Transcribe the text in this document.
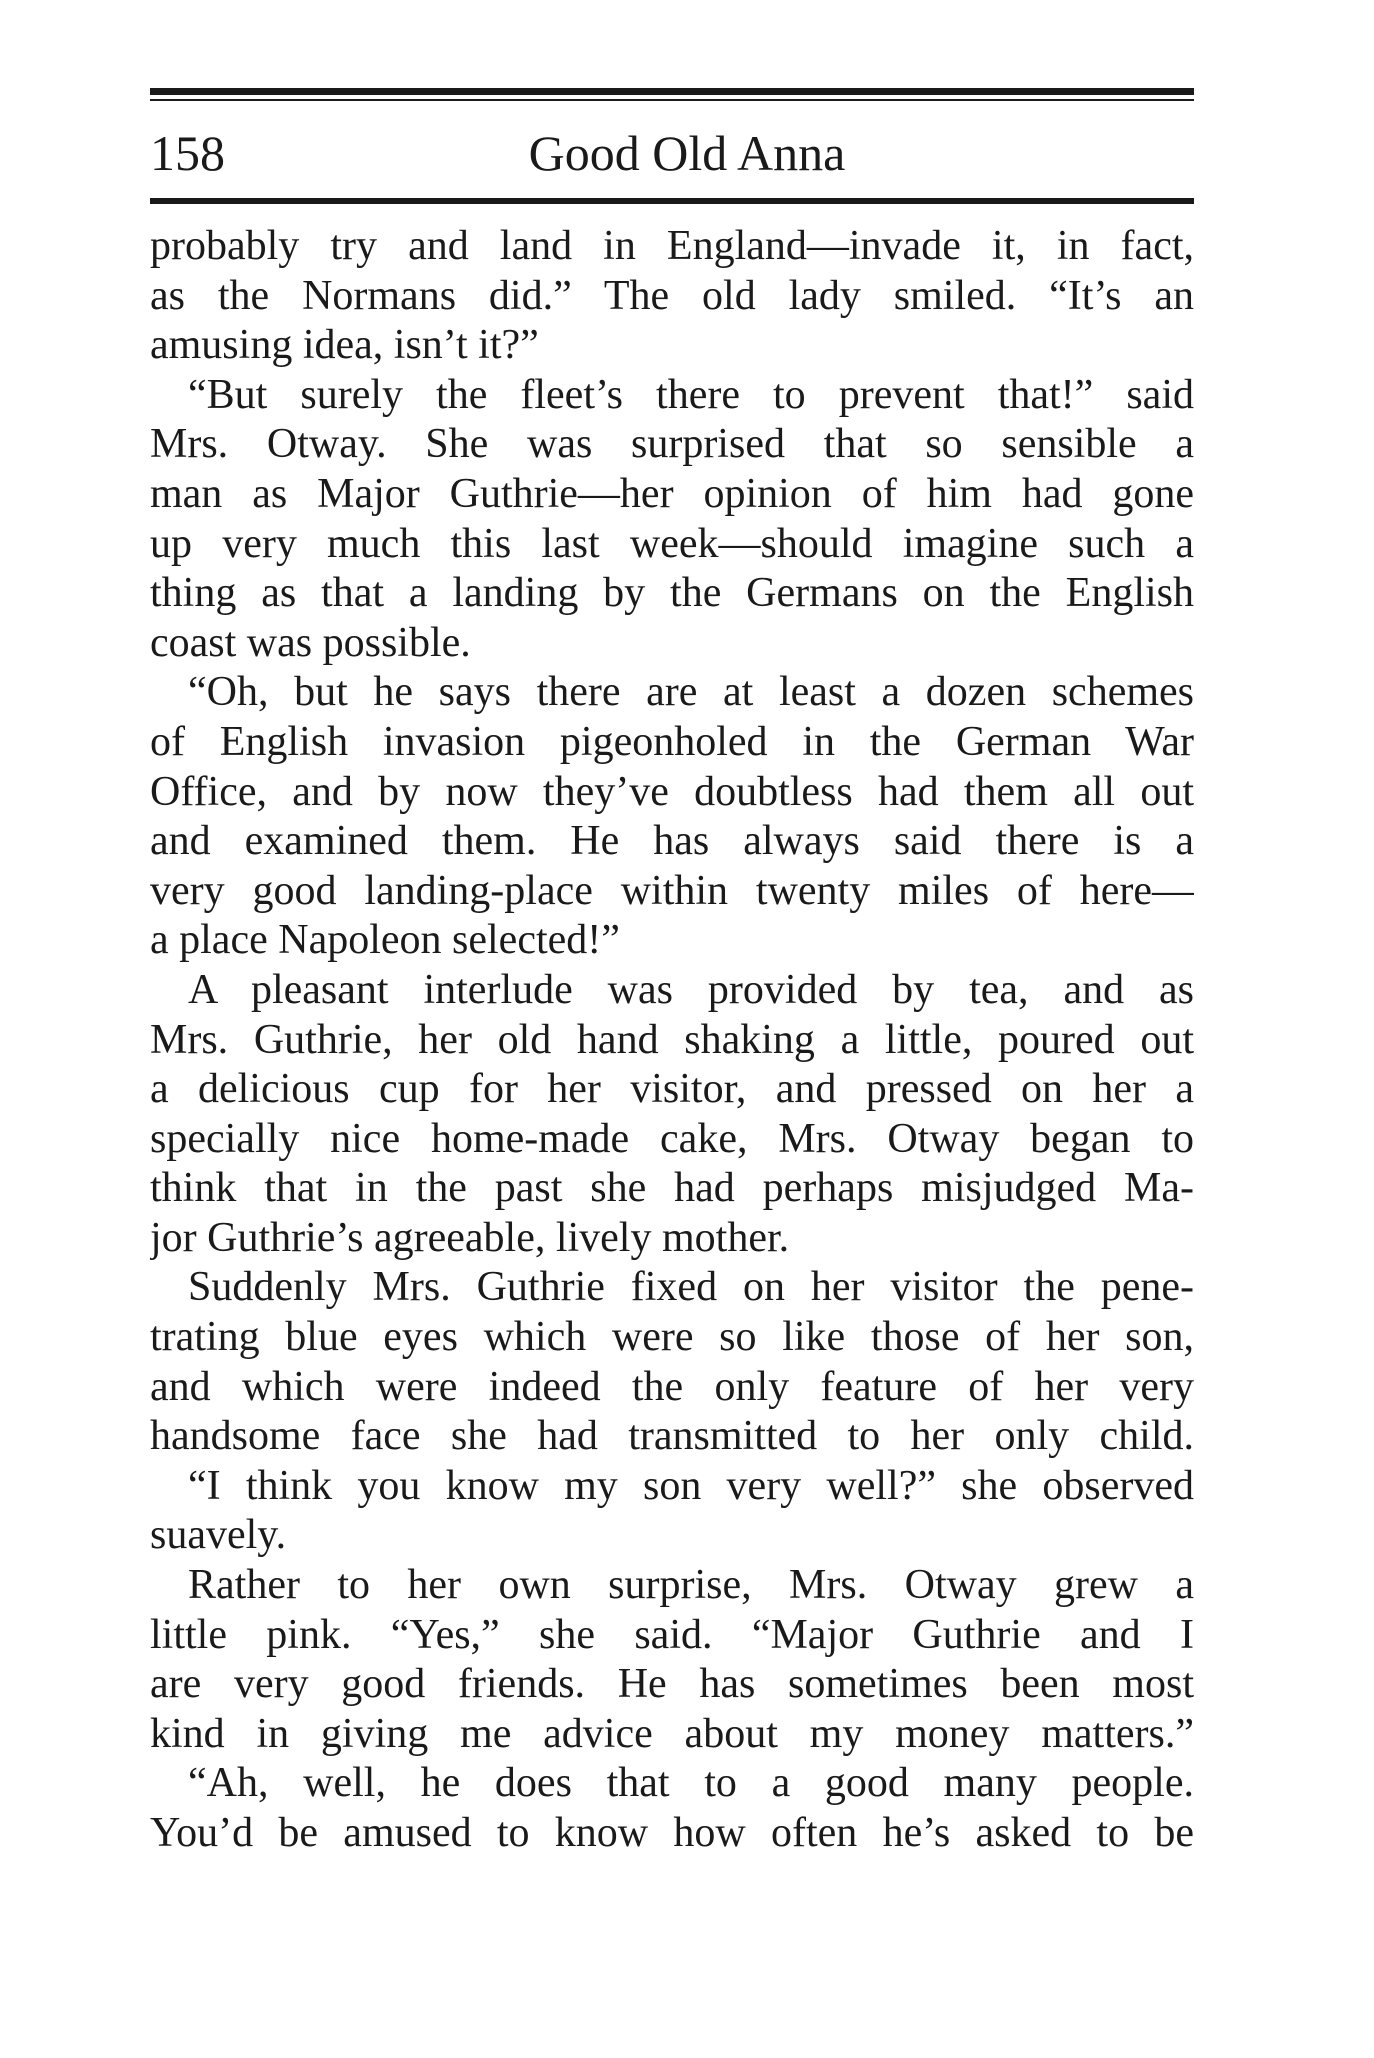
158	Good Old Anna
probably try and land in England—invade it, in fact,
as the Normans did.” The old lady smiled. “It’s an
amusing idea, isn’t it?”
“But surely the fleet’s there to prevent that!” said
Mrs. Otway. She was surprised that so sensible a
man as Major Guthrie—her opinion of him had gone
up very much this last week—should imagine such a
thing as that a landing by the Germans on the English
coast was possible.
“Oh, but he says there are at least a dozen schemes
of English invasion pigeonholed in the German War
Office, and by now they’ve doubtless had them all out
and examined them. He has always said there is a
very good landing-place within twenty miles of here—
a place Napoleon selected!”
A pleasant interlude was provided by tea, and as
Mrs. Guthrie, her old hand shaking a little, poured out
a delicious cup for her visitor, and pressed on her a
specially nice home-made cake, Mrs. Otway began to
think that in the past she had perhaps misjudged Ma-
jor Guthrie’s agreeable, lively mother.
Suddenly Mrs. Guthrie fixed on her visitor the pene-
trating blue eyes which were so like those of her son,
and which were indeed the only feature of her very
handsome face she had transmitted to her only child.
“I think you know my son very well?” she observed
suavely.
Rather to her own surprise, Mrs. Otway grew a
little pink. “Yes,” she said. “Major Guthrie and I
are very good friends. He has sometimes been most
kind in giving me advice about my money matters.”
“Ah, well, he does that to a good many people.
You’d be amused to know how often he’s asked to be
